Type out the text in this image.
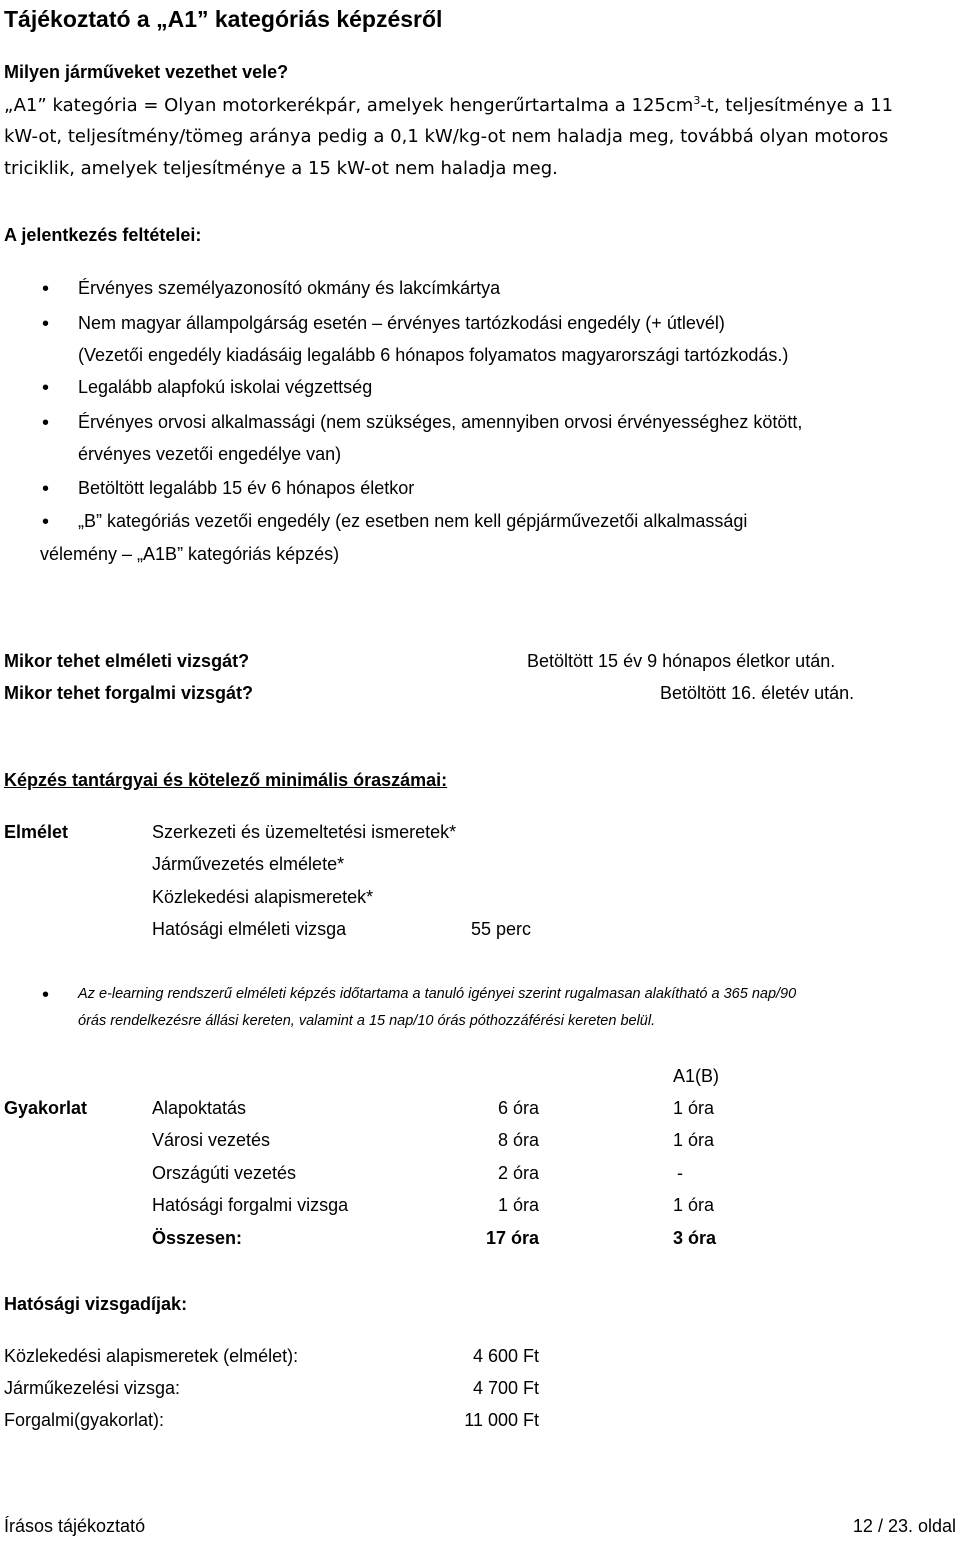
Tájékoztató a „A1” kategóriás képzésről
Milyen járműveket vezethet vele?
„A1” kategória = Olyan motorkerékpár, amelyek hengerűrtartalma a $125cm^3-t$, teljesítménye a 11
kW-ot, teljesítmény/tömeg aránya pedig a 0,1 kW/kg-ot nem haladja meg, továbbá olyan motoros
triciklik, amelyek teljesítménye a 15 kW-ot nem haladja meg.
A jelentkezés feltételei:
• Érvényes személyazonosító okmány és lakcímkártya
• Nem magyar állampolgárság esetén – érvényes tartózkodási engedély (+ útlevél)
(Vezetői engedély kiadásáig legalább 6 hónapos folyamatos magyarországi tartózkodás.)
• Legalább alapfokú iskolai végzettség
• Érvényes orvosi alkalmassági (nem szükséges, amennyiben orvosi érvényességhez kötött,
érvényes vezetői engedélye van)
• Betöltött legalább 15 év 6 hónapos életkor
• „B” kategóriás vezetői engedély (ez esetben nem kell gépjárművezetői alkalmassági
vélemény – „A1B” kategóriás képzés)
Mikor tehet elméleti vizsgát?	Betöltött 15 év 9 hónapos életkor után.
Mikor tehet forgalmi vizsgát?	Betöltött 16. életév után.
Képzés tantárgyai és kötelező minimális óraszámai:
Elmélet	Szerkezeti és üzemeltetési ismeretek*
Járművezetés elmélete*
Közlekedési alapismeretek*
Hatósági elméleti vizsga	55 perc
• Az e-learning rendszerű elméleti képzés időtartama a tanuló igényei szerint rugalmasan alakítható a 365 nap/90
órás rendelkezésre állási kereten, valamint a 15 nap/10 órás póthozzáférési kereten belül.
A1(B)
Gyakorlat	Alapoktatás	6 óra	1 óra
Városi vezetés	8 óra	1 óra
Országúti vezetés	2 óra	-
Hatósági forgalmi vizsga	1 óra	1 óra
Összesen:	17 óra	3 óra
Hatósági vizsgadíjak:
Közlekedési alapismeretek (elmélet):	4 600 Ft
Járműkezelési vizsga:	4 700 Ft
Forgalmi(gyakorlat):	11 000 Ft
Írásos tájékoztató	12 / 23. oldal
